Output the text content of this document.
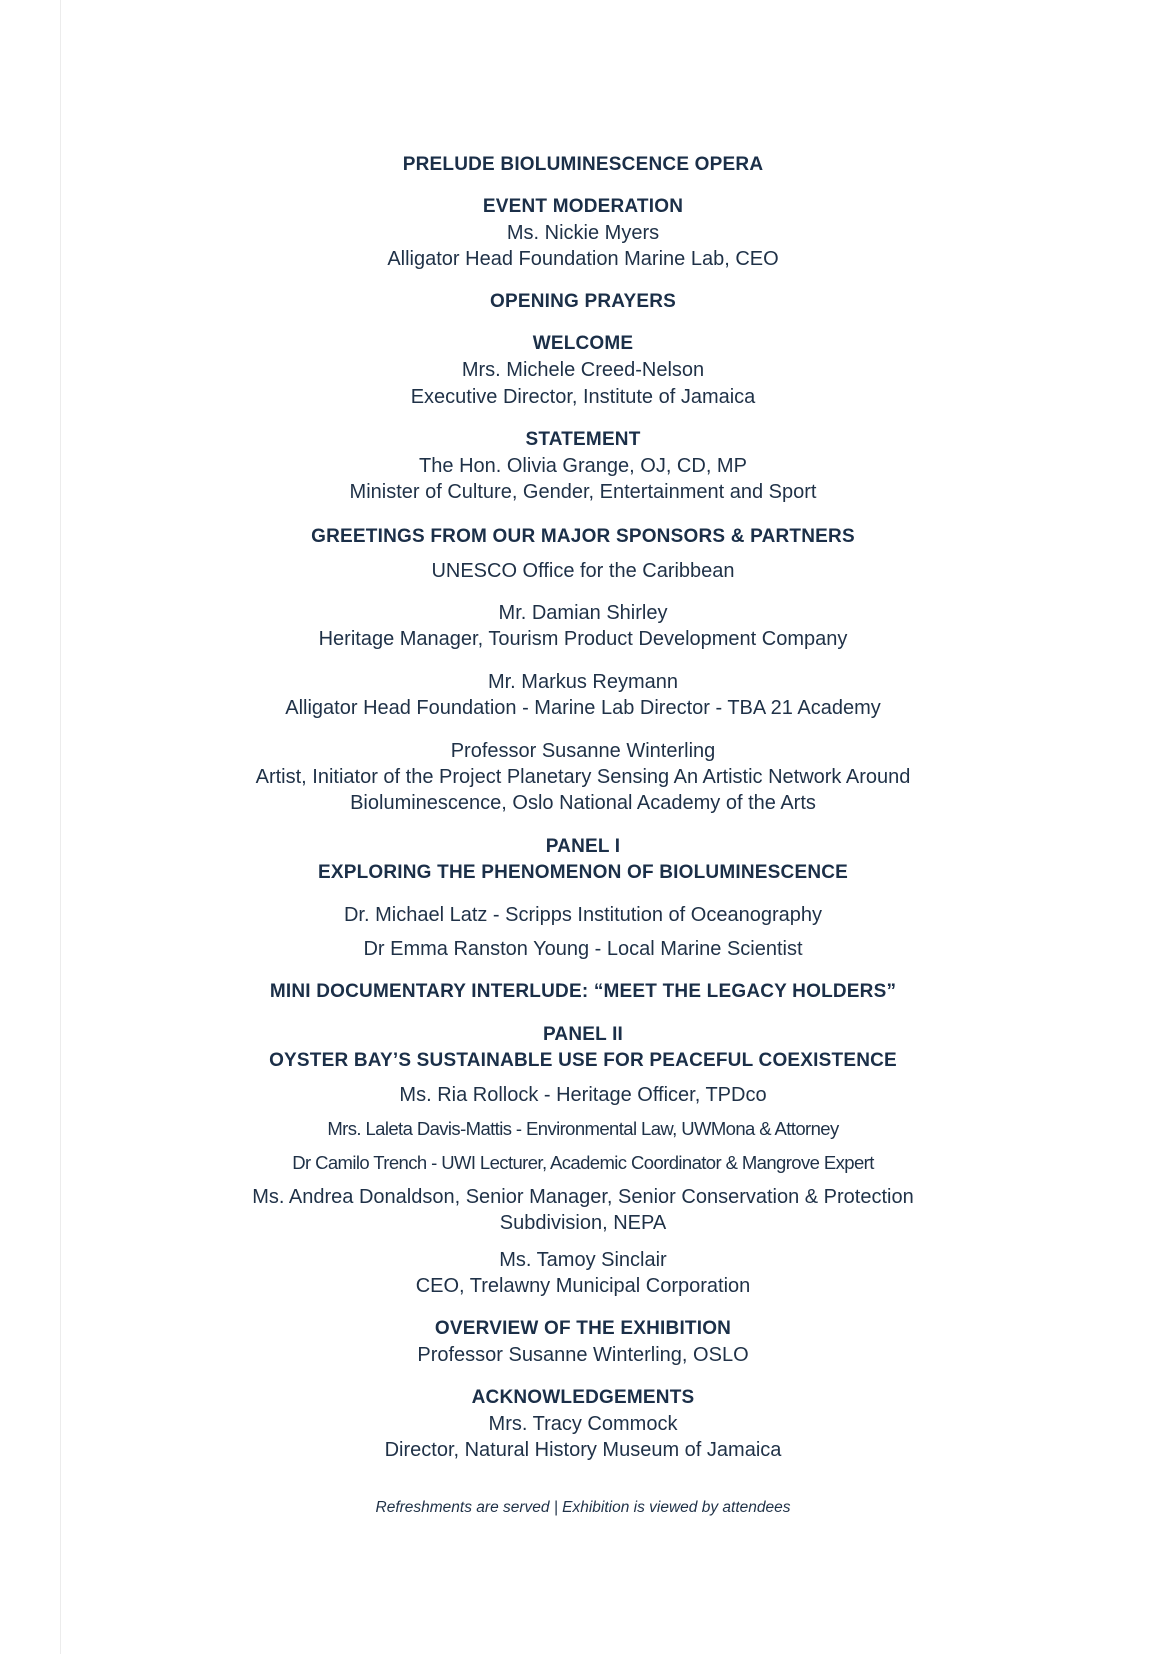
PRELUDE BIOLUMINESCENCE OPERA
EVENT MODERATION
Ms. Nickie Myers
Alligator Head Foundation Marine Lab, CEO
OPENING PRAYERS
WELCOME
Mrs. Michele Creed-Nelson
Executive Director, Institute of Jamaica
STATEMENT
The Hon. Olivia Grange, OJ, CD, MP
Minister of Culture, Gender, Entertainment and Sport
GREETINGS FROM OUR MAJOR SPONSORS & PARTNERS
UNESCO Office for the Caribbean
Mr. Damian Shirley
Heritage Manager, Tourism Product Development Company
Mr. Markus Reymann
Alligator Head Foundation - Marine Lab Director - TBA 21 Academy
Professor Susanne Winterling
Artist, Initiator of the Project Planetary Sensing An Artistic Network Around
Bioluminescence, Oslo National Academy of the Arts
PANEL I
EXPLORING THE PHENOMENON OF BIOLUMINESCENCE
Dr. Michael Latz - Scripps Institution of Oceanography
Dr Emma Ranston Young - Local Marine Scientist
MINI DOCUMENTARY INTERLUDE: “MEET THE LEGACY HOLDERS”
PANEL II
OYSTER BAY’S SUSTAINABLE USE FOR PEACEFUL COEXISTENCE
Ms. Ria Rollock - Heritage Officer, TPDco
Mrs. Laleta Davis-Mattis - Environmental Law, UWMona & Attorney
Dr Camilo Trench - UWI Lecturer, Academic Coordinator & Mangrove Expert
Ms. Andrea Donaldson, Senior Manager, Senior Conservation & Protection
Subdivision, NEPA
Ms. Tamoy Sinclair
CEO, Trelawny Municipal Corporation
OVERVIEW OF THE EXHIBITION
Professor Susanne Winterling, OSLO
ACKNOWLEDGEMENTS
Mrs. Tracy Commock
Director, Natural History Museum of Jamaica
Refreshments are served | Exhibition is viewed by attendees
